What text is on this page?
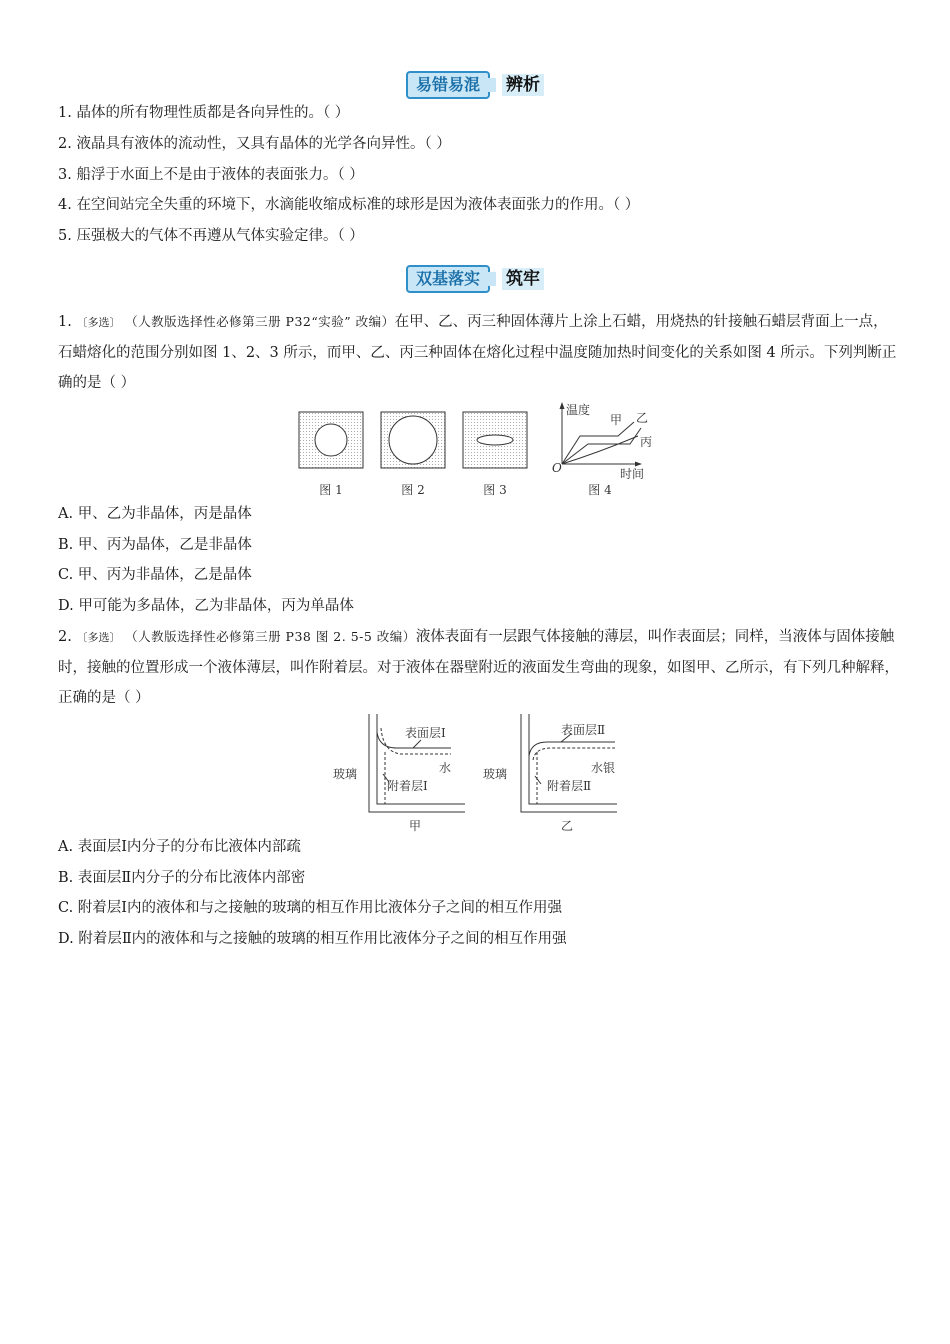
易错易混	辨析
1. 晶体的所有物理性质都是各向异性的。（ ）
2. 液晶具有液体的流动性，又具有晶体的光学各向异性。（ ）
3. 船浮于水面上不是由于液体的表面张力。（ ）
4. 在空间站完全失重的环境下，水滴能收缩成标准的球形是因为液体表面张力的作用。（ ）
5. 压强极大的气体不再遵从气体实验定律。（ ）
双基落实	筑牢
1. 〔多选〕 （人教版选择性必修第三册 P32“实验” 改编）在甲、乙、丙三种固体薄片上涂上石蜡，用烧热的针接触石蜡层背面上一点，石蜡熔化的范围分别如图 1、2、3 所示，而甲、乙、丙三种固体在熔化过程中温度随加热时间变化的关系如图 4 所示。下列判断正确的是（ ）
图 1	图 2	图 3
温度
甲 乙
丙
O	时间
图 4
A. 甲、乙为非晶体，丙是晶体
B. 甲、丙为晶体，乙是非晶体
C. 甲、丙为非晶体，乙是晶体
D. 甲可能为多晶体，乙为非晶体，丙为单晶体
2. 〔多选〕 （人教版选择性必修第三册 P38 图 2. 5-5 改编）液体表面有一层跟气体接触的薄层，叫作表面层；同样，当液体与固体接触时，接触的位置形成一个液体薄层，叫作附着层。对于液体在器壁附近的液面发生弯曲的现象，如图甲、乙所示，有下列几种解释，正确的是（ ）
表面层Ⅰ
玻璃	水
附着层Ⅰ
甲
表面层Ⅱ
玻璃	水银
附着层Ⅱ
乙
A. 表面层Ⅰ内分子的分布比液体内部疏
B. 表面层Ⅱ内分子的分布比液体内部密
C. 附着层Ⅰ内的液体和与之接触的玻璃的相互作用比液体分子之间的相互作用强
D. 附着层Ⅱ内的液体和与之接触的玻璃的相互作用比液体分子之间的相互作用强
